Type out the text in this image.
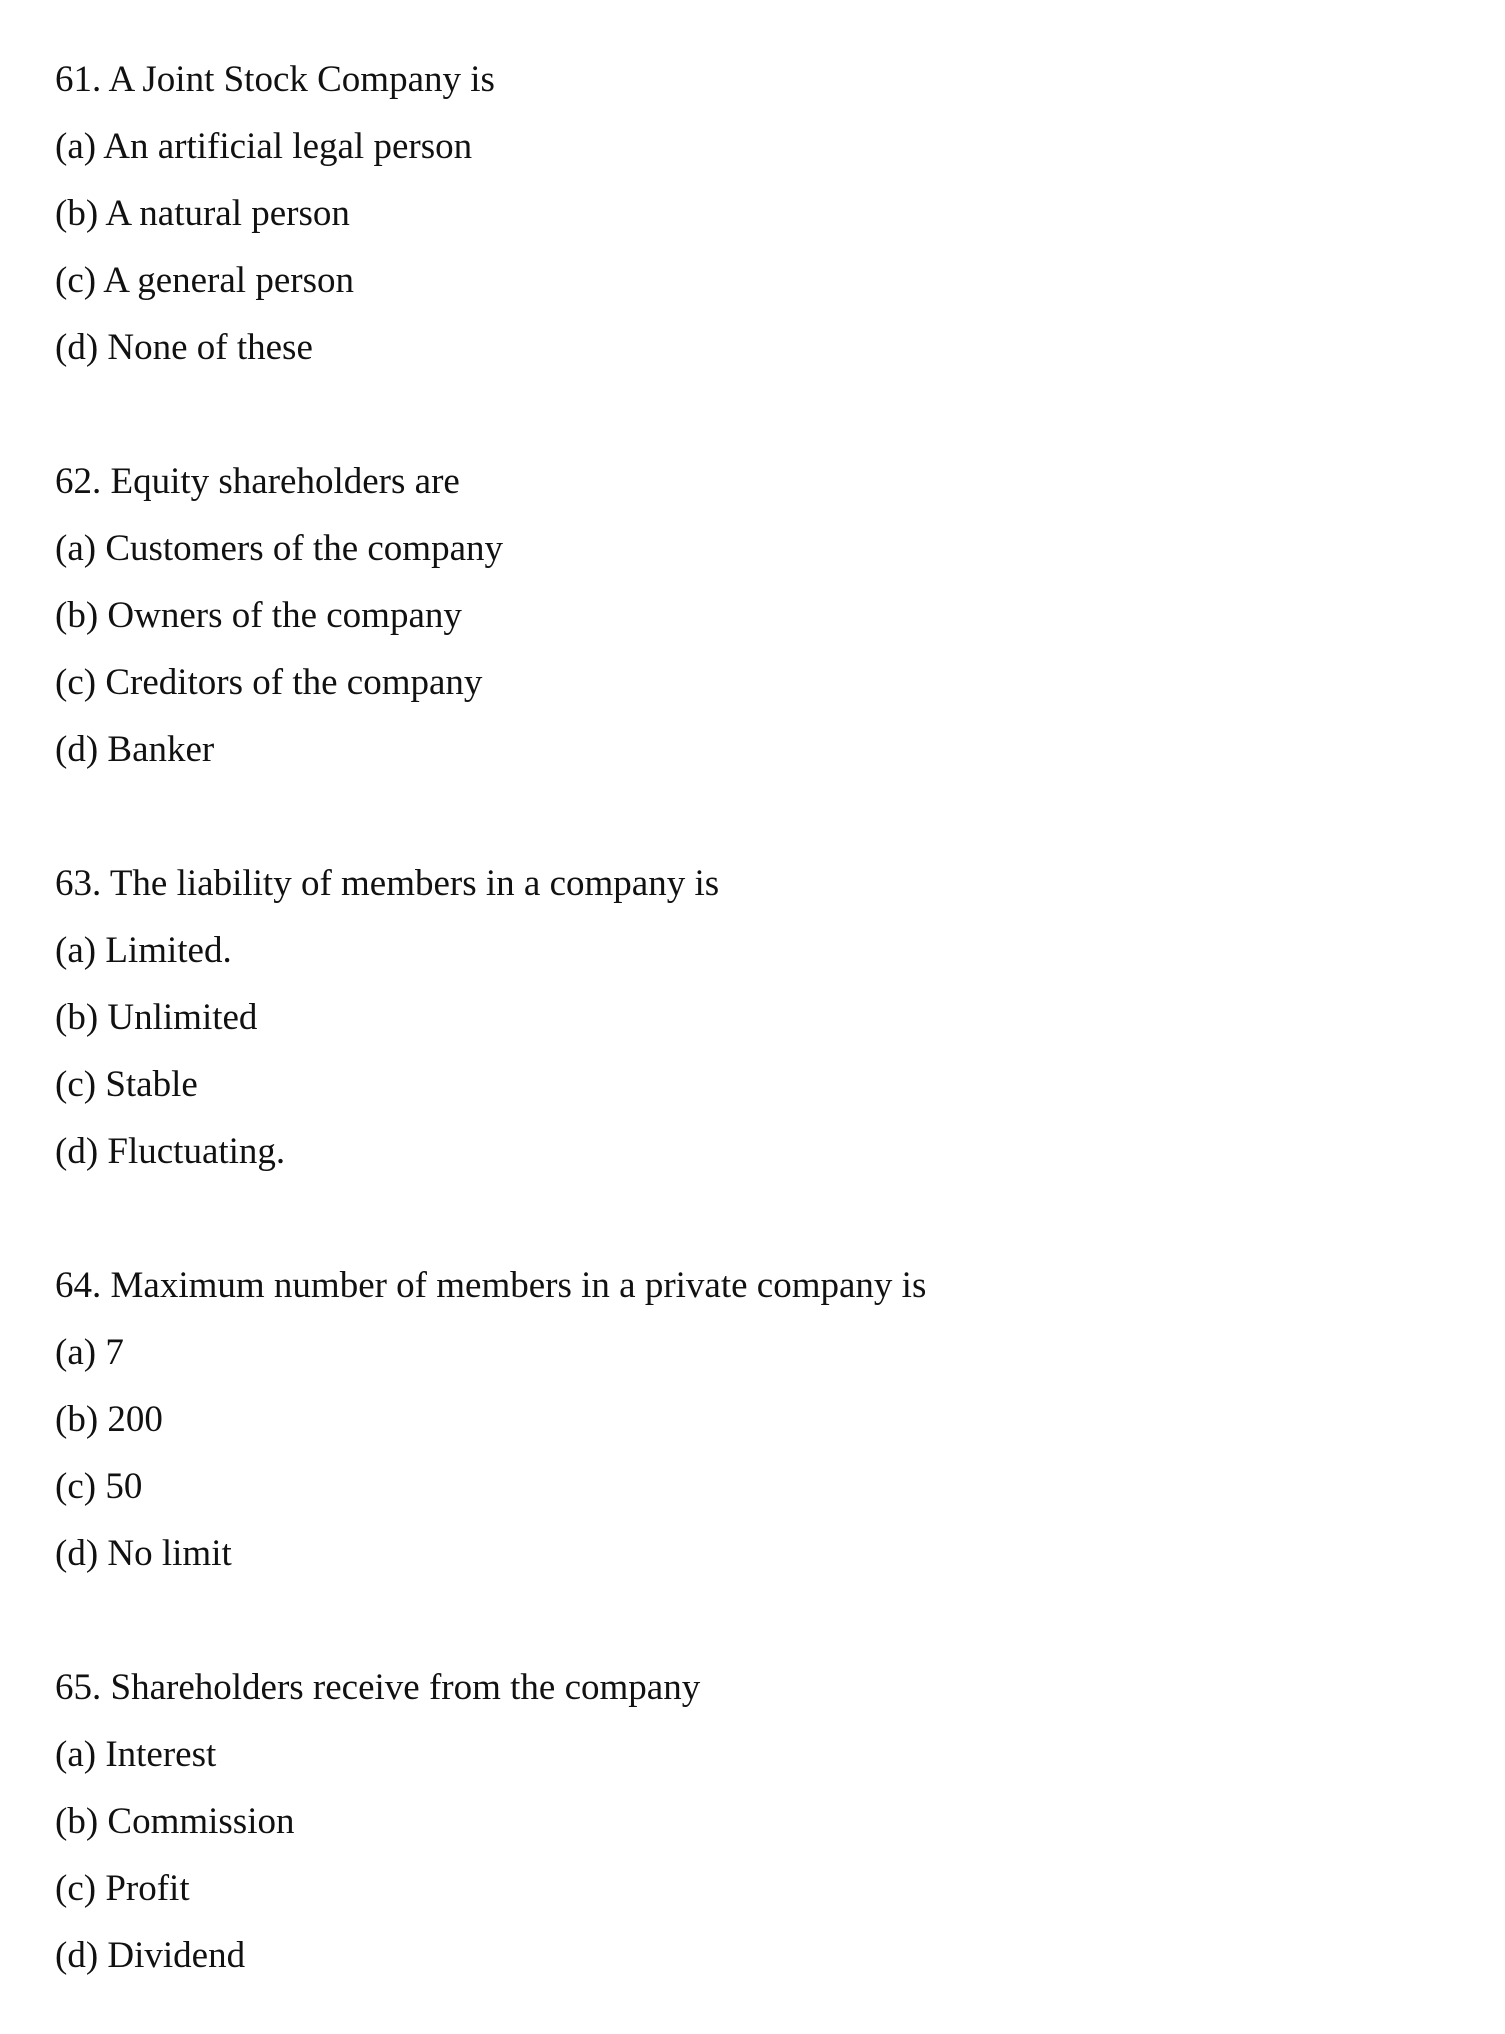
61. A Joint Stock Company is
(a) An artificial legal person
(b) A natural person
(c) A general person
(d) None of these
62. Equity shareholders are
(a) Customers of the company
(b) Owners of the company
(c) Creditors of the company
(d) Banker
63. The liability of members in a company is
(a) Limited.
(b) Unlimited
(c) Stable
(d) Fluctuating.
64. Maximum number of members in a private company is
(a) 7
(b) 200
(c) 50
(d) No limit
65. Shareholders receive from the company
(a) Interest
(b) Commission
(c) Profit
(d) Dividend
